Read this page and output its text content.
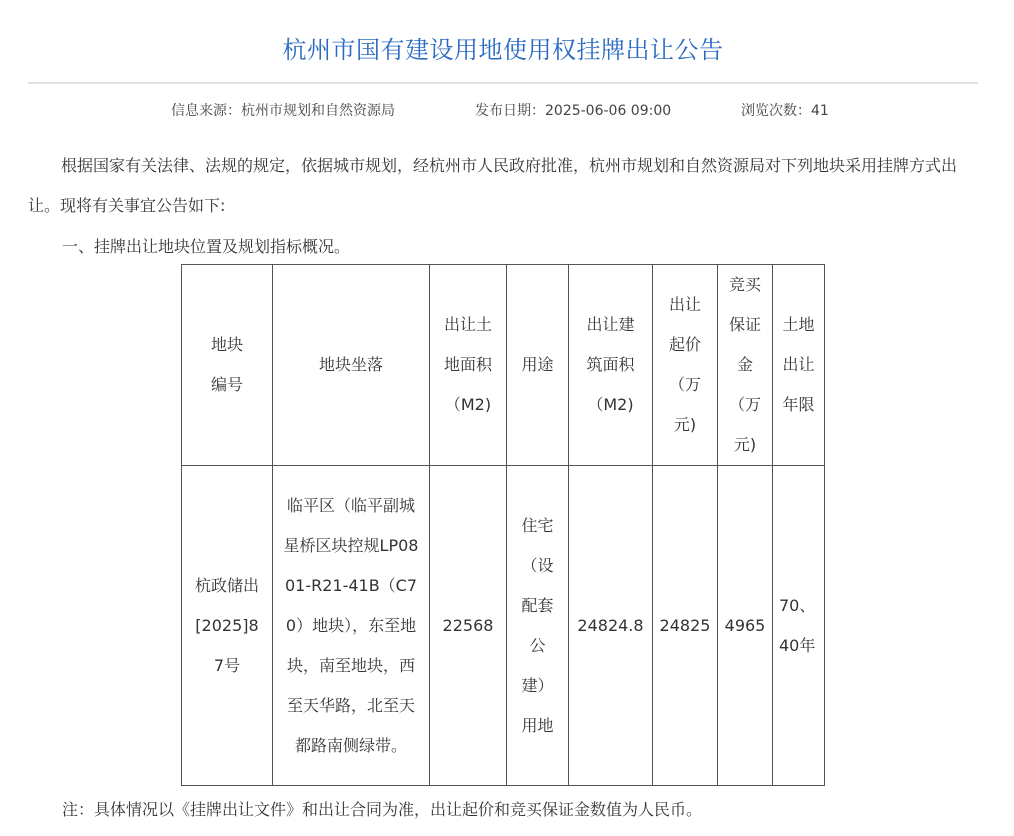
杭州市国有建设用地使用权挂牌出让公告
信息来源：杭州市规划和自然资源局	发布日期：2025-06-06 09:00	浏览次数：41
根据国家有关法律、法规的规定，依据城市规划，经杭州市人民政府批准，杭州市规划和自然资源局对下列地块采用挂牌方式出让。现将有关事宜公告如下:
一、挂牌出让地块位置及规划指标概况。
地块编号	地块坐落	出让土地面积（M2)	用途	出让建筑面积（M2)	出让起价（万元)	竞买保证金（万元)	土地出让年限
杭政储出[2025]87号	临平区（临平副城星桥区块控规LP0801-R21-41B（C70）地块），东至地块，南至地块，西至天华路，北至天都路南侧绿带。	22568	住宅（设配套公建）用地	24824.8	24825	4965	70、40年
注：具体情况以《挂牌出让文件》和出让合同为准，出让起价和竞买保证金数值为人民币。
